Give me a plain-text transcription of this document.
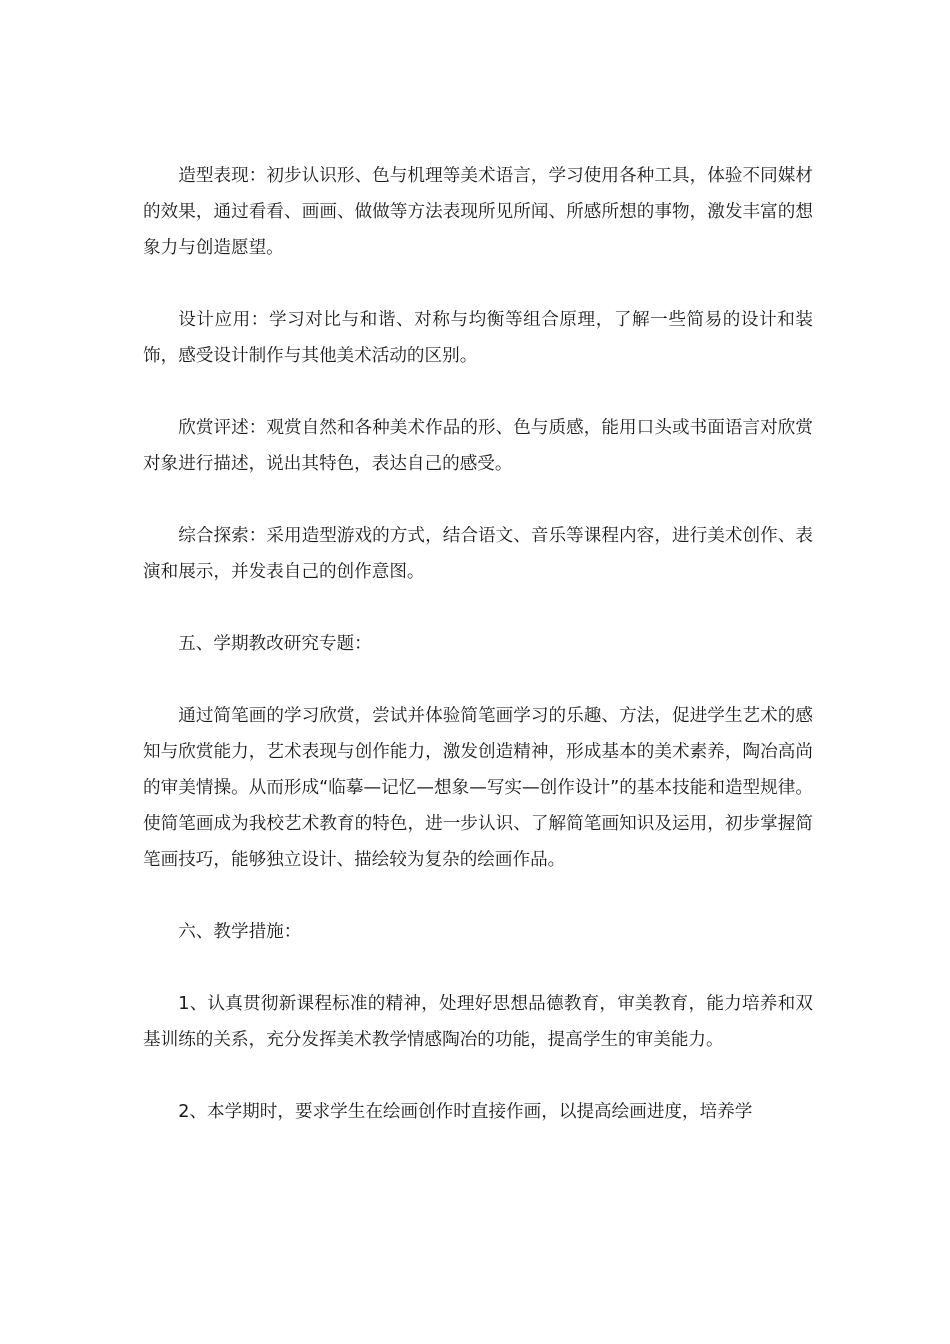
造型表现：初步认识形、色与机理等美术语言，学习使用各种工具，体验不同媒材的效果，通过看看、画画、做做等方法表现所见所闻、所感所想的事物，激发丰富的想象力与创造愿望。

设计应用：学习对比与和谐、对称与均衡等组合原理，了解一些简易的设计和装饰，感受设计制作与其他美术活动的区别。

欣赏评述：观赏自然和各种美术作品的形、色与质感，能用口头或书面语言对欣赏对象进行描述，说出其特色，表达自己的感受。

综合探索：采用造型游戏的方式，结合语文、音乐等课程内容，进行美术创作、表演和展示，并发表自己的创作意图。

五、学期教改研究专题：

通过简笔画的学习欣赏，尝试并体验简笔画学习的乐趣、方法，促进学生艺术的感知与欣赏能力，艺术表现与创作能力，激发创造精神，形成基本的美术素养，陶冶高尚的审美情操。从而形成“临摹—记忆—想象—写实—创作设计”的基本技能和造型规律。使简笔画成为我校艺术教育的特色，进一步认识、了解简笔画知识及运用，初步掌握简笔画技巧，能够独立设计、描绘较为复杂的绘画作品。

六、教学措施：

1、认真贯彻新课程标准的精神，处理好思想品德教育，审美教育，能力培养和双基训练的关系，充分发挥美术教学情感陶冶的功能，提高学生的审美能力。

2、本学期时，要求学生在绘画创作时直接作画，以提高绘画进度，培养学
